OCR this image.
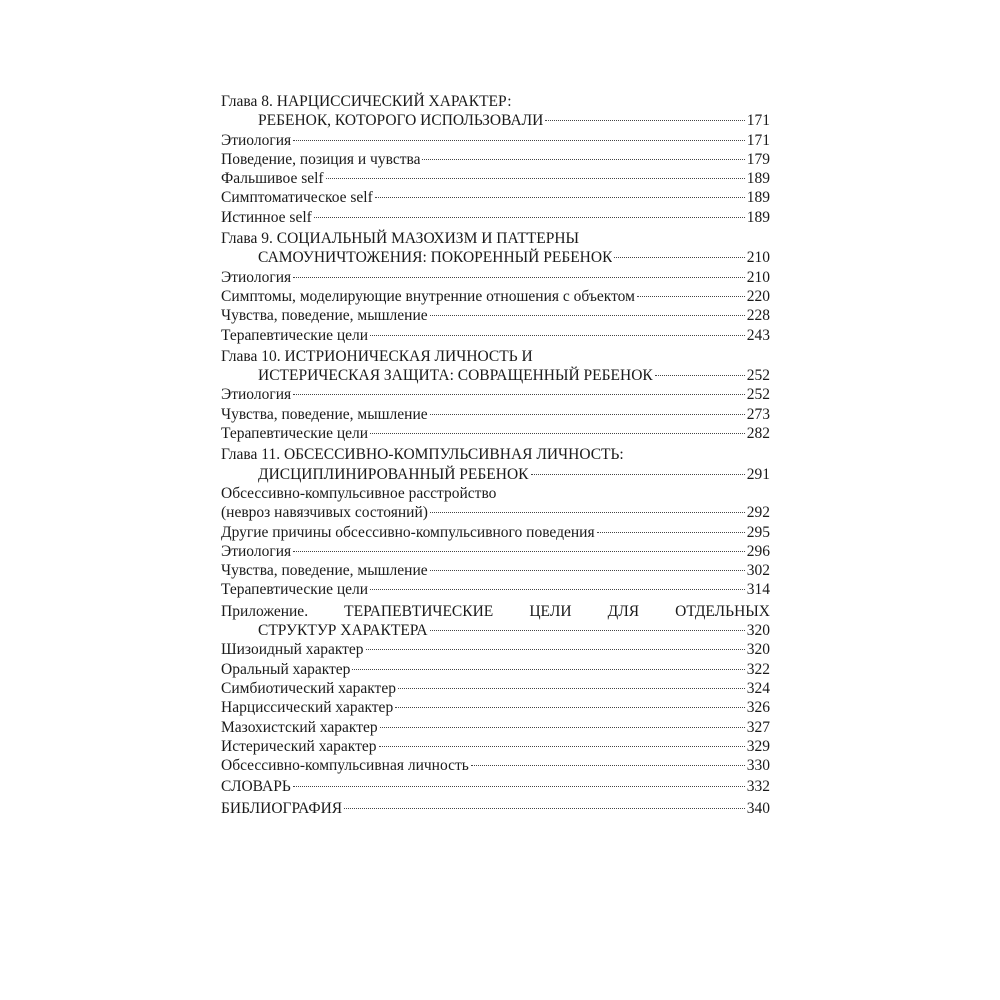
Глава 8. НАРЦИССИЧЕСКИЙ ХАРАКТЕР:
РЕБЕНОК, КОТОРОГО ИСПОЛЬЗОВАЛИ	171
Этиология	171
Поведение, позиция и чувства	179
Фальшивое self	189
Симптоматическое self	189
Истинное self	189
Глава 9. СОЦИАЛЬНЫЙ МАЗОХИЗМ И ПАТТЕРНЫ
САМОУНИЧТОЖЕНИЯ: ПОКОРЕННЫЙ РЕБЕНОК	210
Этиология	210
Симптомы, моделирующие внутренние отношения с объектом	220
Чувства, поведение, мышление	228
Терапевтические цели	243
Глава 10. ИСТРИОНИЧЕСКАЯ ЛИЧНОСТЬ И
ИСТЕРИЧЕСКАЯ ЗАЩИТА: СОВРАЩЕННЫЙ РЕБЕНОК	252
Этиология	252
Чувства, поведение, мышление	273
Терапевтические цели	282
Глава 11. ОБСЕССИВНО-КОМПУЛЬСИВНАЯ ЛИЧНОСТЬ:
ДИСЦИПЛИНИРОВАННЫЙ РЕБЕНОК	291
Обсессивно-компульсивное расстройство
(невроз навязчивых состояний)	292
Другие причины обсессивно-компульсивного поведения	295
Этиология	296
Чувства, поведение, мышление	302
Терапевтические цели	314
Приложение. ТЕРАПЕВТИЧЕСКИЕ ЦЕЛИ ДЛЯ ОТДЕЛЬНЫХ
СТРУКТУР ХАРАКТЕРА	320
Шизоидный характер	320
Оральный характер	322
Симбиотический характер	324
Нарциссический характер	326
Мазохистский характер	327
Истерический характер	329
Обсессивно-компульсивная личность	330
СЛОВАРЬ	332
БИБЛИОГРАФИЯ	340
